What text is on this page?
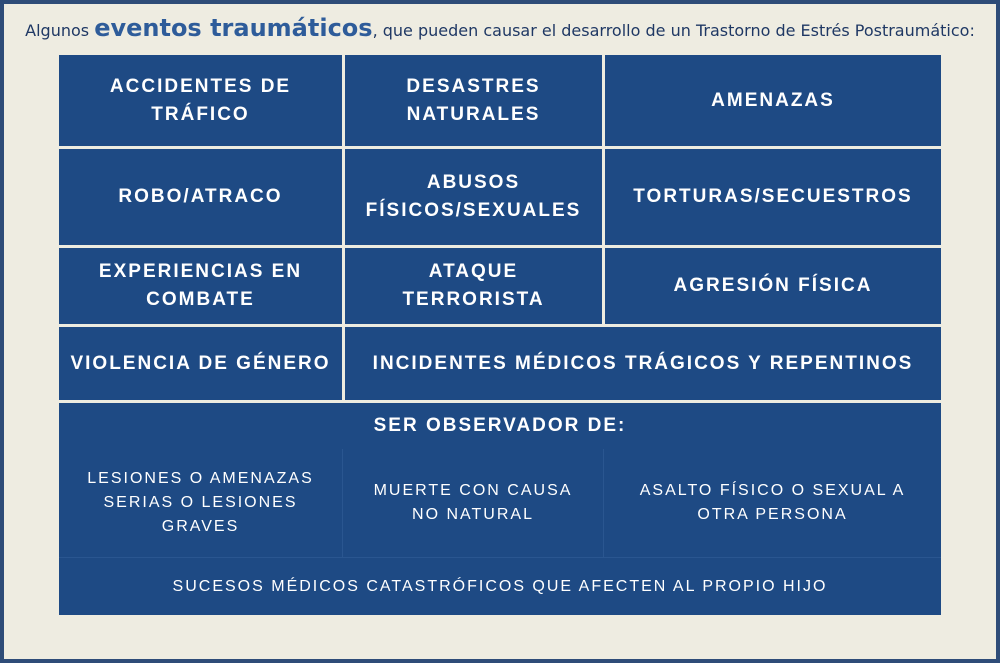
Algunos eventos traumáticos, que pueden causar el desarrollo de un Trastorno de Estrés Postraumático:
ACCIDENTES DE
TRÁFICO
DESASTRES
NATURALES
AMENAZAS
ROBO/ATRACO
ABUSOS
FÍSICOS/SEXUALES
TORTURAS/SECUESTROS
EXPERIENCIAS EN
COMBATE
ATAQUE
TERRORISTA
AGRESIÓN FÍSICA
VIOLENCIA DE GÉNERO INCIDENTES MÉDICOS TRÁGICOS Y REPENTINOS
SER OBSERVADOR DE:
LESIONES O AMENAZAS
SERIAS O LESIONES
GRAVES
MUERTE CON CAUSA
NO NATURAL
ASALTO FÍSICO O SEXUAL A
OTRA PERSONA
SUCESOS MÉDICOS CATASTRÓFICOS QUE AFECTEN AL PROPIO HIJO
